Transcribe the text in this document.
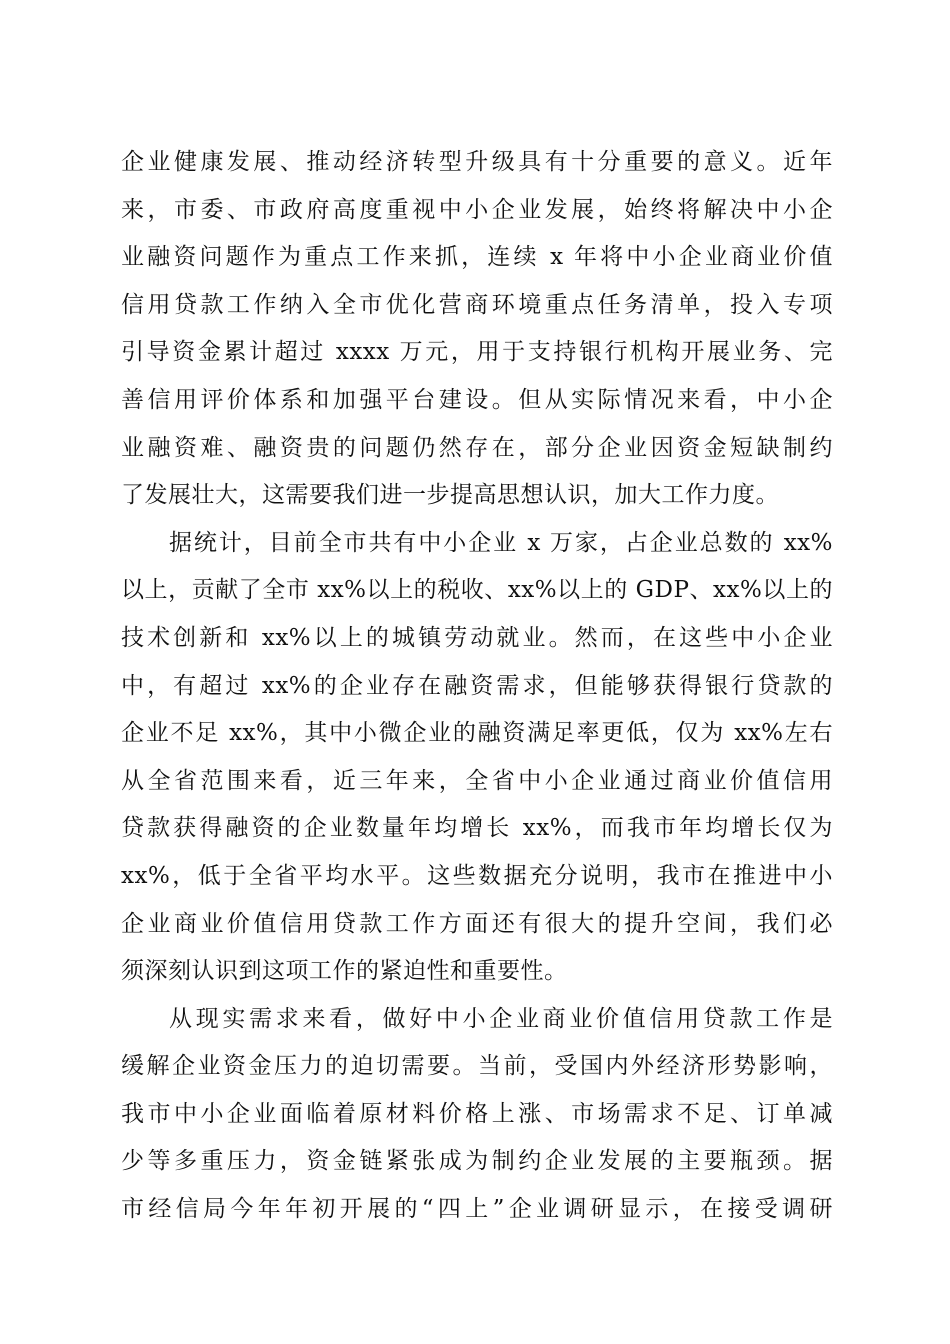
企业健康发展、推动经济转型升级具有十分重要的意义。近年
来，市委、市政府高度重视中小企业发展，始终将解决中小企
业融资问题作为重点工作来抓，连续 x 年将中小企业商业价值
信用贷款工作纳入全市优化营商环境重点任务清单，投入专项
引导资金累计超过 xxxx 万元，用于支持银行机构开展业务、完
善信用评价体系和加强平台建设。但从实际情况来看，中小企
业融资难、融资贵的问题仍然存在，部分企业因资金短缺制约
了发展壮大，这需要我们进一步提高思想认识，加大工作力度。
据统计，目前全市共有中小企业 x 万家，占企业总数的 xx%
以上，贡献了全市 xx%以上的税收、xx%以上的 GDP、xx%以上的
技术创新和 xx%以上的城镇劳动就业。然而，在这些中小企业
中，有超过 xx%的企业存在融资需求，但能够获得银行贷款的
企业不足 xx%，其中小微企业的融资满足率更低，仅为 xx%左右
从全省范围来看，近三年来，全省中小企业通过商业价值信用
贷款获得融资的企业数量年均增长 xx%，而我市年均增长仅为
xx%，低于全省平均水平。这些数据充分说明，我市在推进中小
企业商业价值信用贷款工作方面还有很大的提升空间，我们必
须深刻认识到这项工作的紧迫性和重要性。
从现实需求来看，做好中小企业商业价值信用贷款工作是
缓解企业资金压力的迫切需要。当前，受国内外经济形势影响，
我市中小企业面临着原材料价格上涨、市场需求不足、订单减
少等多重压力，资金链紧张成为制约企业发展的主要瓶颈。据
市经信局今年年初开展的“四上”企业调研显示，在接受调研
